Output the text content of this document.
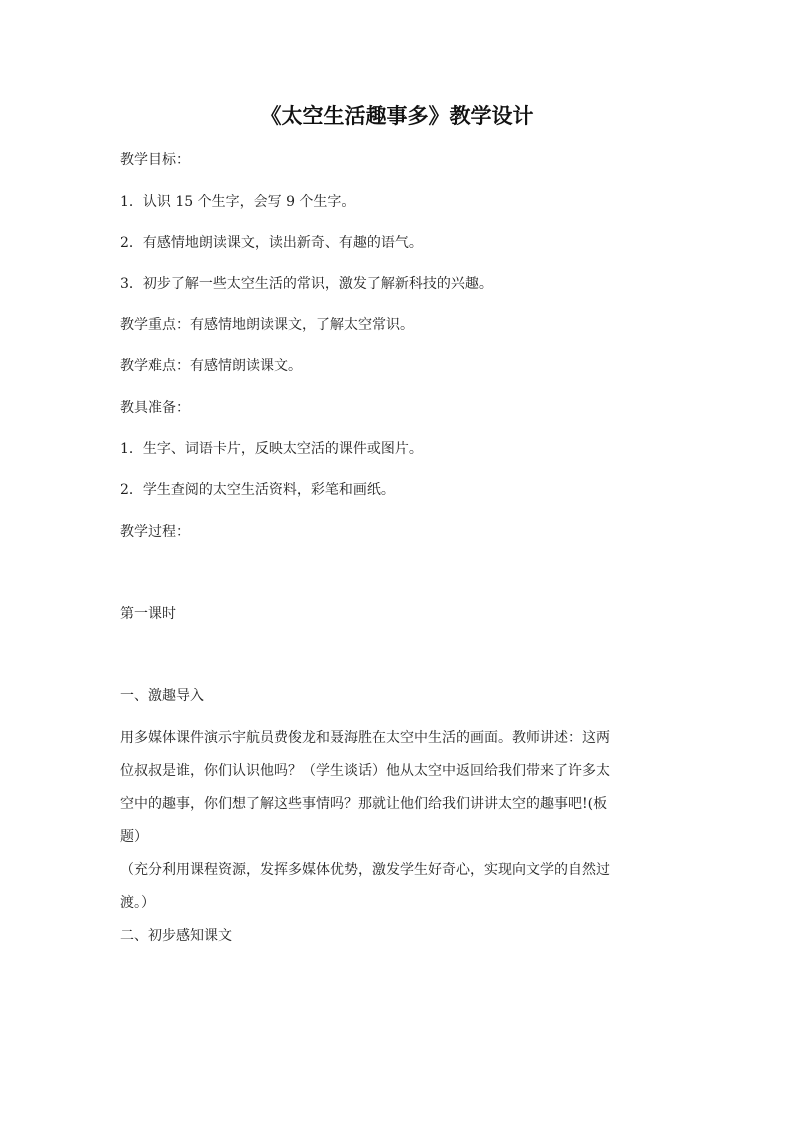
《太空生活趣事多》教学设计
教学目标：
1．认识 15 个生字，会写 9 个生字。
2．有感情地朗读课文，读出新奇、有趣的语气。
3．初步了解一些太空生活的常识，激发了解新科技的兴趣。
教学重点：有感情地朗读课文，了解太空常识。
教学难点：有感情朗读课文。
教具准备：
1．生字、词语卡片，反映太空活的课件或图片。
2．学生查阅的太空生活资料，彩笔和画纸。
教学过程：
第一课时
一、激趣导入
用多媒体课件演示宇航员费俊龙和聂海胜在太空中生活的画面。教师讲述：这两
位叔叔是谁，你们认识他吗？（学生谈话）他从太空中返回给我们带来了许多太
空中的趣事，你们想了解这些事情吗？那就让他们给我们讲讲太空的趣事吧!(板
题）
（充分利用课程资源，发挥多媒体优势，激发学生好奇心，实现向文学的自然过
渡。）
二、初步感知课文
